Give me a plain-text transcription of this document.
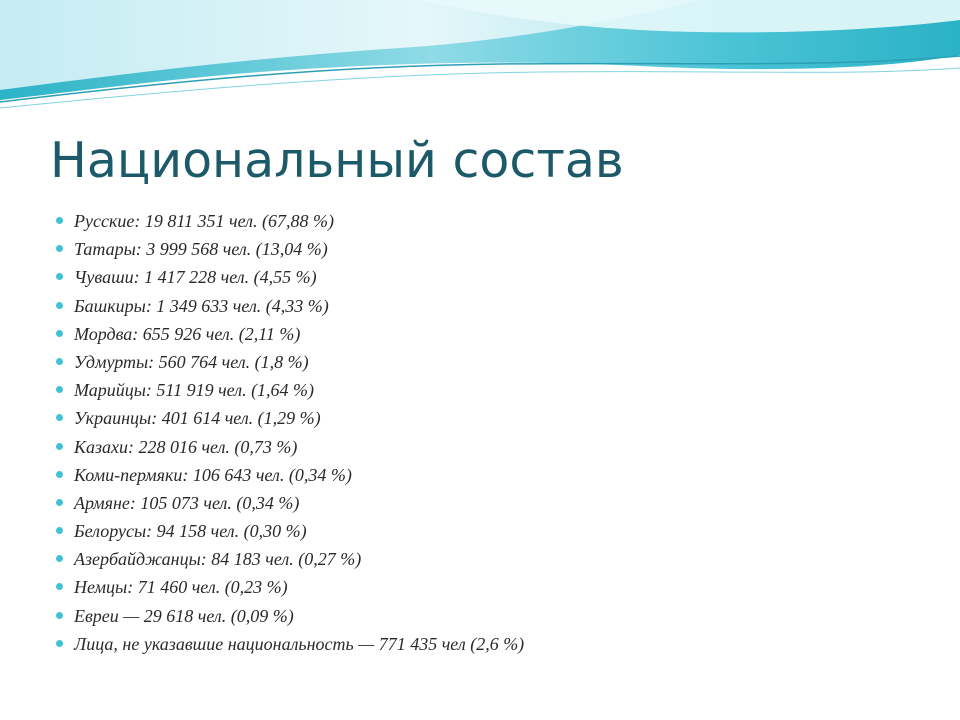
Национальный состав
Русские: 19 811 351 чел. (67,88 %)
Татары: 3 999 568 чел. (13,04 %)
Чуваши: 1 417 228 чел. (4,55 %)
Башкиры: 1 349 633 чел. (4,33 %)
Мордва: 655 926 чел. (2,11 %)
Удмурты: 560 764 чел. (1,8 %)
Марийцы: 511 919 чел. (1,64 %)
Украинцы: 401 614 чел. (1,29 %)
Казахи: 228 016 чел. (0,73 %)
Коми-пермяки: 106 643 чел. (0,34 %)
Армяне: 105 073 чел. (0,34 %)
Белорусы: 94 158 чел. (0,30 %)
Азербайджанцы: 84 183 чел. (0,27 %)
Немцы: 71 460 чел. (0,23 %)
Евреи — 29 618 чел. (0,09 %)
Лица, не указавшие национальность — 771 435 чел (2,6 %)
